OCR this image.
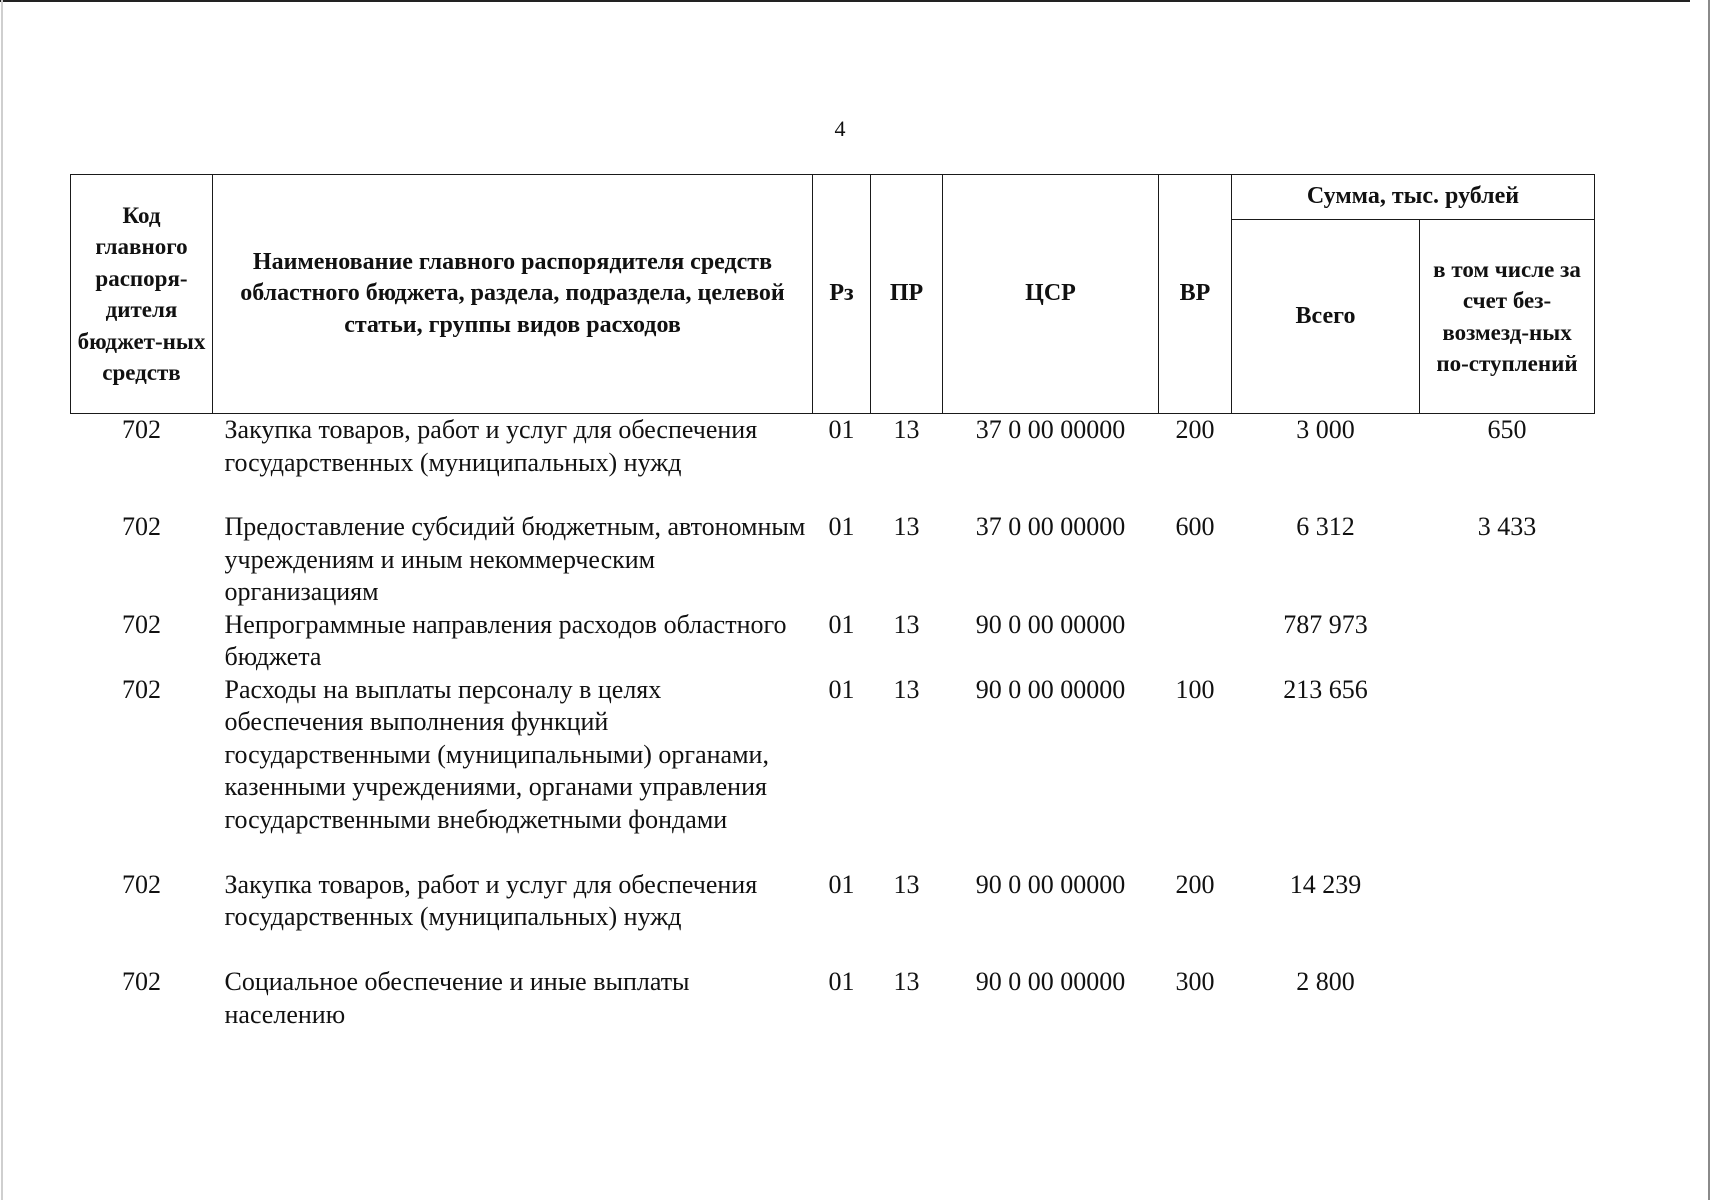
4
Код главного распоря-дителя бюджет-ных средств	Наименование главного распорядителя средств областного бюджета, раздела, подраздела, целевой статьи, группы видов расходов	Рз	ПР	ЦСР	ВР	Сумма, тыс. рублей	
						Всего	в том числе за счет без-возмезд-ных по-ступлений
702	Закупка товаров, работ и услуг для обеспечения государственных (муниципальных) нужд	01	13	37 0 00 00000	200	3 000	650
702	Предоставление субсидий бюджетным, автономным учреждениям и иным некоммерческим организациям	01	13	37 0 00 00000	600	6 312	3 433
702	Непрограммные направления расходов областного бюджета	01	13	90 0 00 00000		787 973	
702	Расходы на выплаты персоналу в целях обеспечения выполнения функций государственными (муниципальными) органами, казенными учреждениями, органами управления государственными внебюджетными фондами	01	13	90 0 00 00000	100	213 656	
702	Закупка товаров, работ и услуг для обеспечения государственных (муниципальных) нужд	01	13	90 0 00 00000	200	14 239	
702	Социальное обеспечение и иные выплаты населению	01	13	90 0 00 00000	300	2 800	
